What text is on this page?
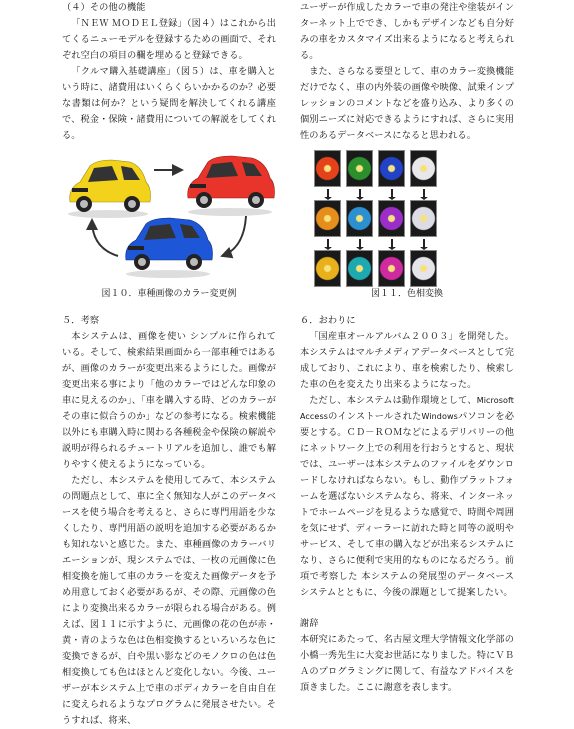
（４）その他の機能

「ＮＥＷ ＭＯＤＥＬ登録」（図４）はこれから出てくるニューモデルを登録するための画面で、それぞれ空白の項目の欄を埋めると登録できる。

「クルマ購入基礎講座」（図５）は、車を購入という時に、諸費用はいくらくらいかかるのか？必要な書類は何か？という疑問を解決してくれる講座で、税金・保険・諸費用についての解説をしてくれる。

ユーザーが作成したカラーで車の発注や塗装がインターネット上ででき、しかもデザインなども自分好みの車をカスタマイズ出来るようになると考えられる。

また、さらなる要望として、車のカラー変換機能だけでなく、車の内外装の画像や映像、試乗インプレッションのコメントなどを盛り込み、より多くの個別ニーズに対応できるようにすれば、さらに実用性のあるデータベースになると思われる。

図１０．車種画像のカラー変更例	図１１．色相変換

５．考察

本システムは、画像を使い シンプルに作られている。そして、検索結果画面から一部車種ではあるが、画像のカラーが変更出来るようにした。画像が変更出来る事により「他のカラーではどんな印象の車に見えるのか」、「車を購入する時、どのカラーがその車に似合うのか」などの参考になる。検索機能以外にも車購入時に関わる各種税金や保険の解説や説明が得られるチュートリアルを追加し、誰でも解りやすく使えるようになっている。

ただし、本システムを使用してみて、本システムの問題点として、車に全く無知な人がこのデータベースを使う場合を考えると、さらに専門用語を少なくしたり、専門用語の説明を追加する必要があるかも知れないと感じた。また、車種画像のカラーバリエーションが、現システムでは、一枚の元画像に色相変換を施して車のカラーを変えた画像データを予め用意しておく必要があるが、その際、元画像の色により変換出来るカラーが限られる場合がある。例えば、図１１に示すように、元画像の花の色が赤・黄・青のような色は色相変換するといろいろな色に変換できるが、白や黒い影などのモノクロの色は色相変換しても色はほとんど変化しない。今後、ユーザーが本システム上で車のボディカラーを自由自在に変えられるようなプログラムに発展させたい。そうすれば、将来、

６．おわりに

「国産車オールアルバム２００３」を開発した。本システムはマルチメディアデータベースとして完成しており、これにより、車を検索したり、検索した車の色を変えたり出来るようになった。

ただし、本システムは動作環境として、Microsoft AccessのインストールされたWindowsパソコンを必要とする。ＣＤ－ＲＯＭなどによるデリバリーの他にネットワーク上での利用を行おうとすると、現状では、ユーザーは本システムのファイルをダウンロードしなければならない。もし、動作プラットフォームを選ばないシステムなら、将来、インターネットでホームページを見るような感覚で、時間や周囲を気にせず、ディーラーに訪れた時と同等の説明やサービス、そして車の購入などが出来るシステムになり、さらに便利で実用的なものになるだろう。前項で考察した 本システムの発展型のデータベースシステムとともに、今後の課題として提案したい。

謝辞

本研究にあたって、名古屋文理大学情報文化学部の小橋一秀先生に大変お世話になりました。特にＶＢＡのプログラミングに関して、有益なアドバイスを頂きました。ここに謝意を表します。
